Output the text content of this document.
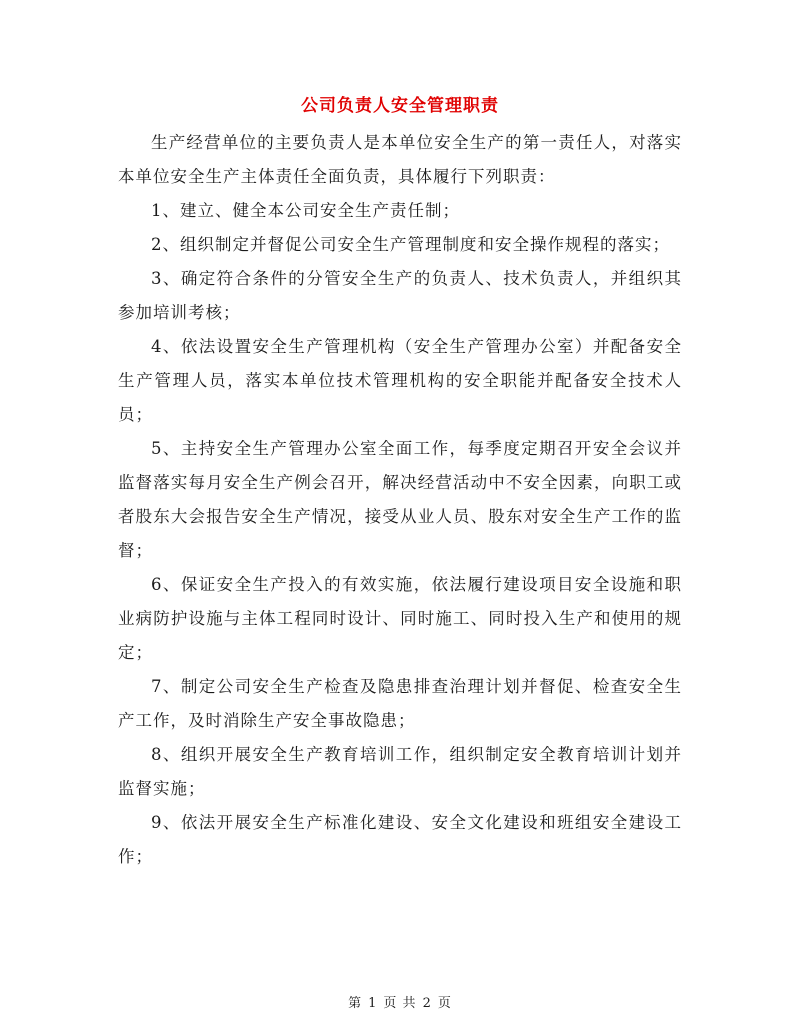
公司负责人安全管理职责

生产经营单位的主要负责人是本单位安全生产的第一责任人，对落实本单位安全生产主体责任全面负责，具体履行下列职责：

1、建立、健全本公司安全生产责任制；

2、组织制定并督促公司安全生产管理制度和安全操作规程的落实；

3、确定符合条件的分管安全生产的负责人、技术负责人，并组织其参加培训考核；

4、依法设置安全生产管理机构（安全生产管理办公室）并配备安全生产管理人员，落实本单位技术管理机构的安全职能并配备安全技术人员；

5、主持安全生产管理办公室全面工作，每季度定期召开安全会议并监督落实每月安全生产例会召开，解决经营活动中不安全因素，向职工或者股东大会报告安全生产情况，接受从业人员、股东对安全生产工作的监督；

6、保证安全生产投入的有效实施，依法履行建设项目安全设施和职业病防护设施与主体工程同时设计、同时施工、同时投入生产和使用的规定；

7、制定公司安全生产检查及隐患排查治理计划并督促、检查安全生产工作，及时消除生产安全事故隐患；

8、组织开展安全生产教育培训工作，组织制定安全教育培训计划并监督实施；

9、依法开展安全生产标准化建设、安全文化建设和班组安全建设工作；

第 1 页 共 2 页
